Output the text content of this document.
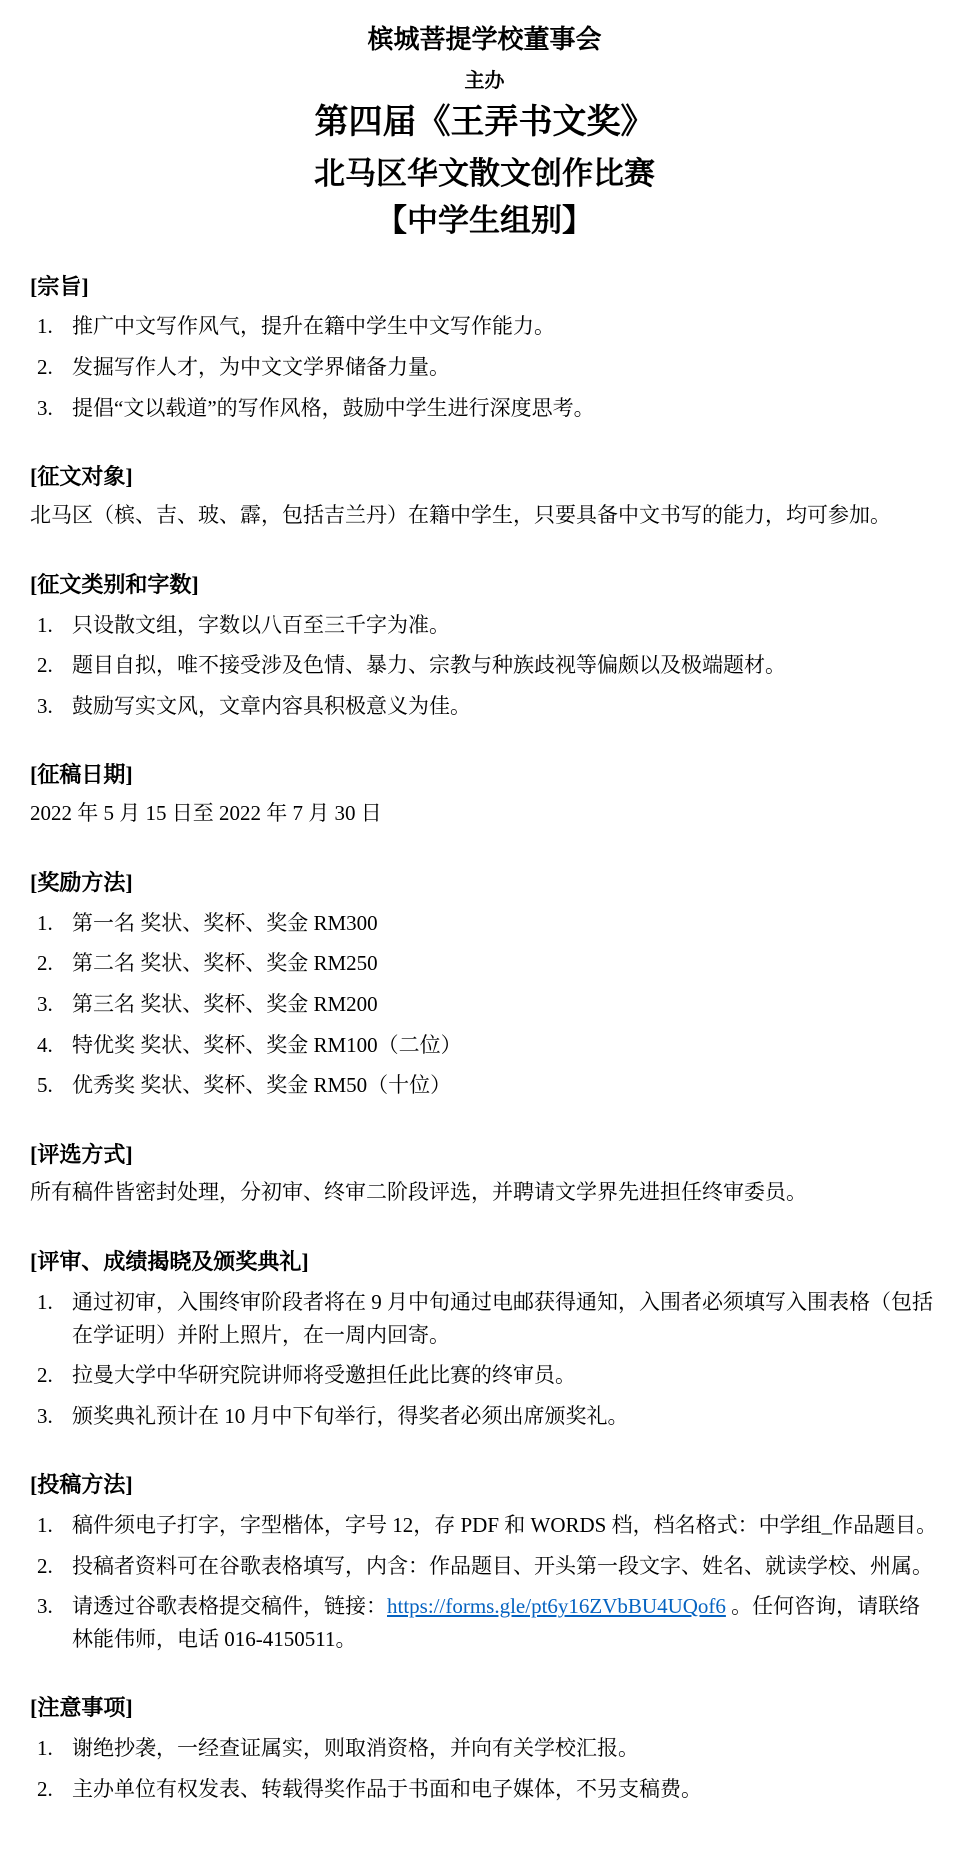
槟城菩提学校董事会
主办
第四届《王弄书文奖》
北马区华文散文创作比赛
【中学生组别】
[宗旨]
1. 推广中文写作风气，提升在籍中学生中文写作能力。
2. 发掘写作人才，为中文文学界储备力量。
3. 提倡“文以载道”的写作风格，鼓励中学生进行深度思考。
[征文对象]

北马区（槟、吉、玻、霹，包括吉兰丹）在籍中学生，只要具备中文书写的能力，均可参加。

[征文类别和字数]
1. 只设散文组，字数以八百至三千字为准。
2. 题目自拟，唯不接受涉及色情、暴力、宗教与种族歧视等偏颇以及极端题材。
3. 鼓励写实文风，文章内容具积极意义为佳。
[征稿日期]

2022 年 5 月 15 日至 2022 年 7 月 30 日

[奖励方法]
1. 第一名 奖状、奖杯、奖金 RM300
2. 第二名 奖状、奖杯、奖金 RM250
3. 第三名 奖状、奖杯、奖金 RM200
4. 特优奖 奖状、奖杯、奖金 RM100（二位）
5. 优秀奖 奖状、奖杯、奖金 RM50（十位）
[评选方式]

所有稿件皆密封处理，分初审、终审二阶段评选，并聘请文学界先进担任终审委员。

[评审、成绩揭晓及颁奖典礼]
1. 通过初审，入围终审阶段者将在 9 月中旬通过电邮获得通知，入围者必须填写入围表格（包括在学证明）并附上照片，在一周内回寄。
2. 拉曼大学中华研究院讲师将受邀担任此比赛的终审员。
3. 颁奖典礼预计在 10 月中下旬举行，得奖者必须出席颁奖礼。
[投稿方法]
1. 稿件须电子打字，字型楷体，字号 12，存 PDF 和 WORDS 档，档名格式：中学组_作品题目。
2. 投稿者资料可在谷歌表格填写，内含：作品题目、开头第一段文字、姓名、就读学校、州属。
3. 请透过谷歌表格提交稿件，链接：https://forms.gle/pt6y16ZVbBU4UQof6 。任何咨询，请联络林能伟师，电话 016-4150511。
[注意事项]
1. 谢绝抄袭，一经查证属实，则取消资格，并向有关学校汇报。
2. 主办单位有权发表、转载得奖作品于书面和电子媒体，不另支稿费。
